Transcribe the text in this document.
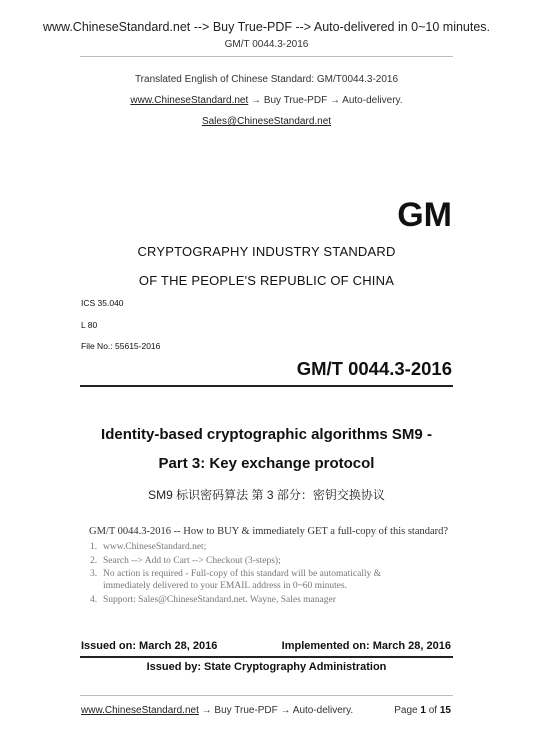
www.ChineseStandard.net --> Buy True-PDF --> Auto-delivered in 0~10 minutes.
GM/T 0044.3-2016
Translated English of Chinese Standard: GM/T0044.3-2016
www.ChineseStandard.net → Buy True-PDF → Auto-delivery.
Sales@ChineseStandard.net
GM
CRYPTOGRAPHY INDUSTRY STANDARD
OF THE PEOPLE'S REPUBLIC OF CHINA
ICS 35.040
L 80
File No.: 55615-2016
GM/T 0044.3-2016
Identity-based cryptographic algorithms SM9 -
Part 3: Key exchange protocol
SM9 标识密码算法 第 3 部分：密钥交换协议
GM/T 0044.3-2016 -- How to BUY & immediately GET a full-copy of this standard?
1. www.ChineseStandard.net;
2. Search --> Add to Cart --> Checkout (3-steps);
3. No action is required - Full-copy of this standard will be automatically &
immediately delivered to your EMAIL address in 0~60 minutes.
4. Support: Sales@ChineseStandard.net. Wayne, Sales manager
Issued on: March 28, 2016	Implemented on: March 28, 2016
Issued by: State Cryptography Administration
www.ChineseStandard.net → Buy True-PDF → Auto-delivery.	Page 1 of 15
